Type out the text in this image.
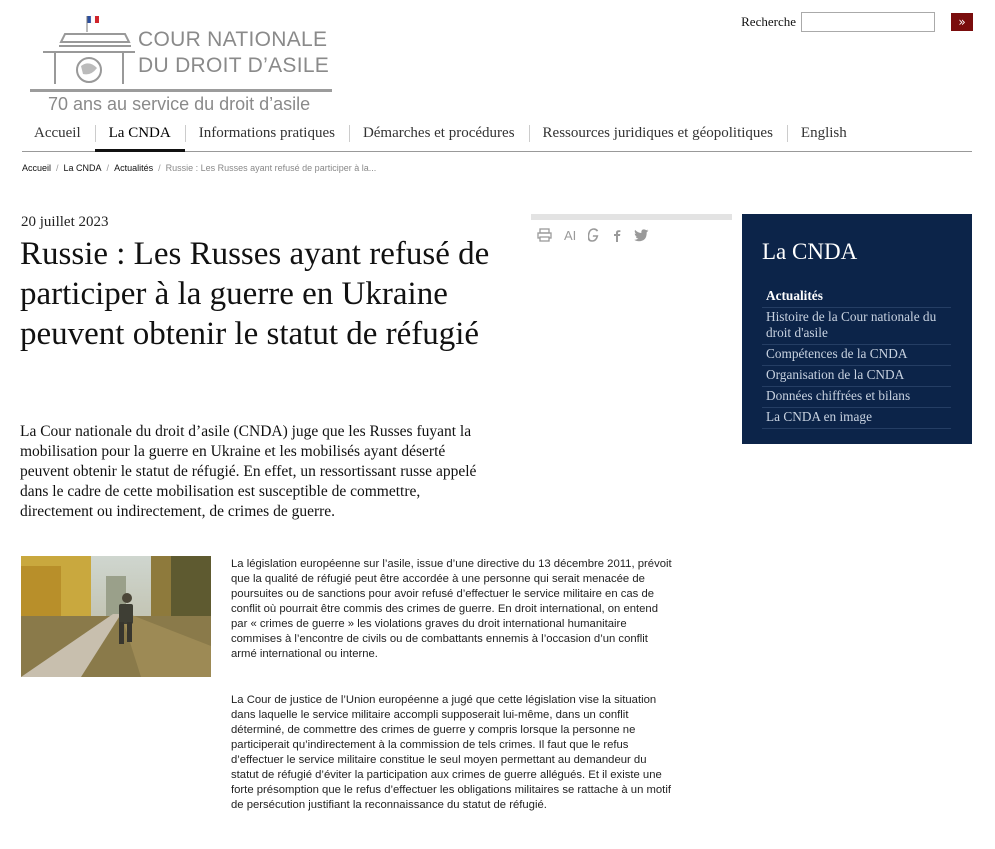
COUR NATIONALE
DU DROIT D’ASILE
70 ans au service du droit d’asile
Recherche	»
Accueil	La CNDA	Informations pratiques	Démarches et procédures	Ressources juridiques et géopolitiques	English
Accueil / La CNDA / Actualités / Russie : Les Russes ayant refusé de participer à la...
20 juillet 2023
Russie : Les Russes ayant refusé de participer à la guerre en Ukraine peuvent obtenir le statut de réfugié

La Cour nationale du droit d’asile (CNDA) juge que les Russes fuyant la mobilisation pour la guerre en Ukraine et les mobilisés ayant déserté peuvent obtenir le statut de réfugié. En effet, un ressortissant russe appelé dans le cadre de cette mobilisation est susceptible de commettre, directement ou indirectement, de crimes de guerre.

La législation européenne sur l’asile, issue d’une directive du 13 décembre 2011, prévoit que la qualité de réfugié peut être accordée à une personne qui serait menacée de poursuites ou de sanctions pour avoir refusé d’effectuer le service militaire en cas de conflit où pourrait être commis des crimes de guerre. En droit international, on entend par « crimes de guerre » les violations graves du droit international humanitaire commises à l’encontre de civils ou de combattants ennemis à l’occasion d’un conflit armé international ou interne.

La Cour de justice de l’Union européenne a jugé que cette législation vise la situation dans laquelle le service militaire accompli supposerait lui-même, dans un conflit déterminé, de commettre des crimes de guerre y compris lorsque la personne ne participerait qu’indirectement à la commission de tels crimes. Il faut que le refus d’effectuer le service militaire constitue le seul moyen permettant au demandeur du statut de réfugié d’éviter la participation aux crimes de guerre allégués. Et il existe une forte présomption que le refus d’effectuer les obligations militaires se rattache à un motif de persécution justifiant la reconnaissance du statut de réfugié.

AI
La CNDA
Actualités
Histoire de la Cour nationale du droit d'asile
Compétences de la CNDA
Organisation de la CNDA
Données chiffrées et bilans
La CNDA en image
